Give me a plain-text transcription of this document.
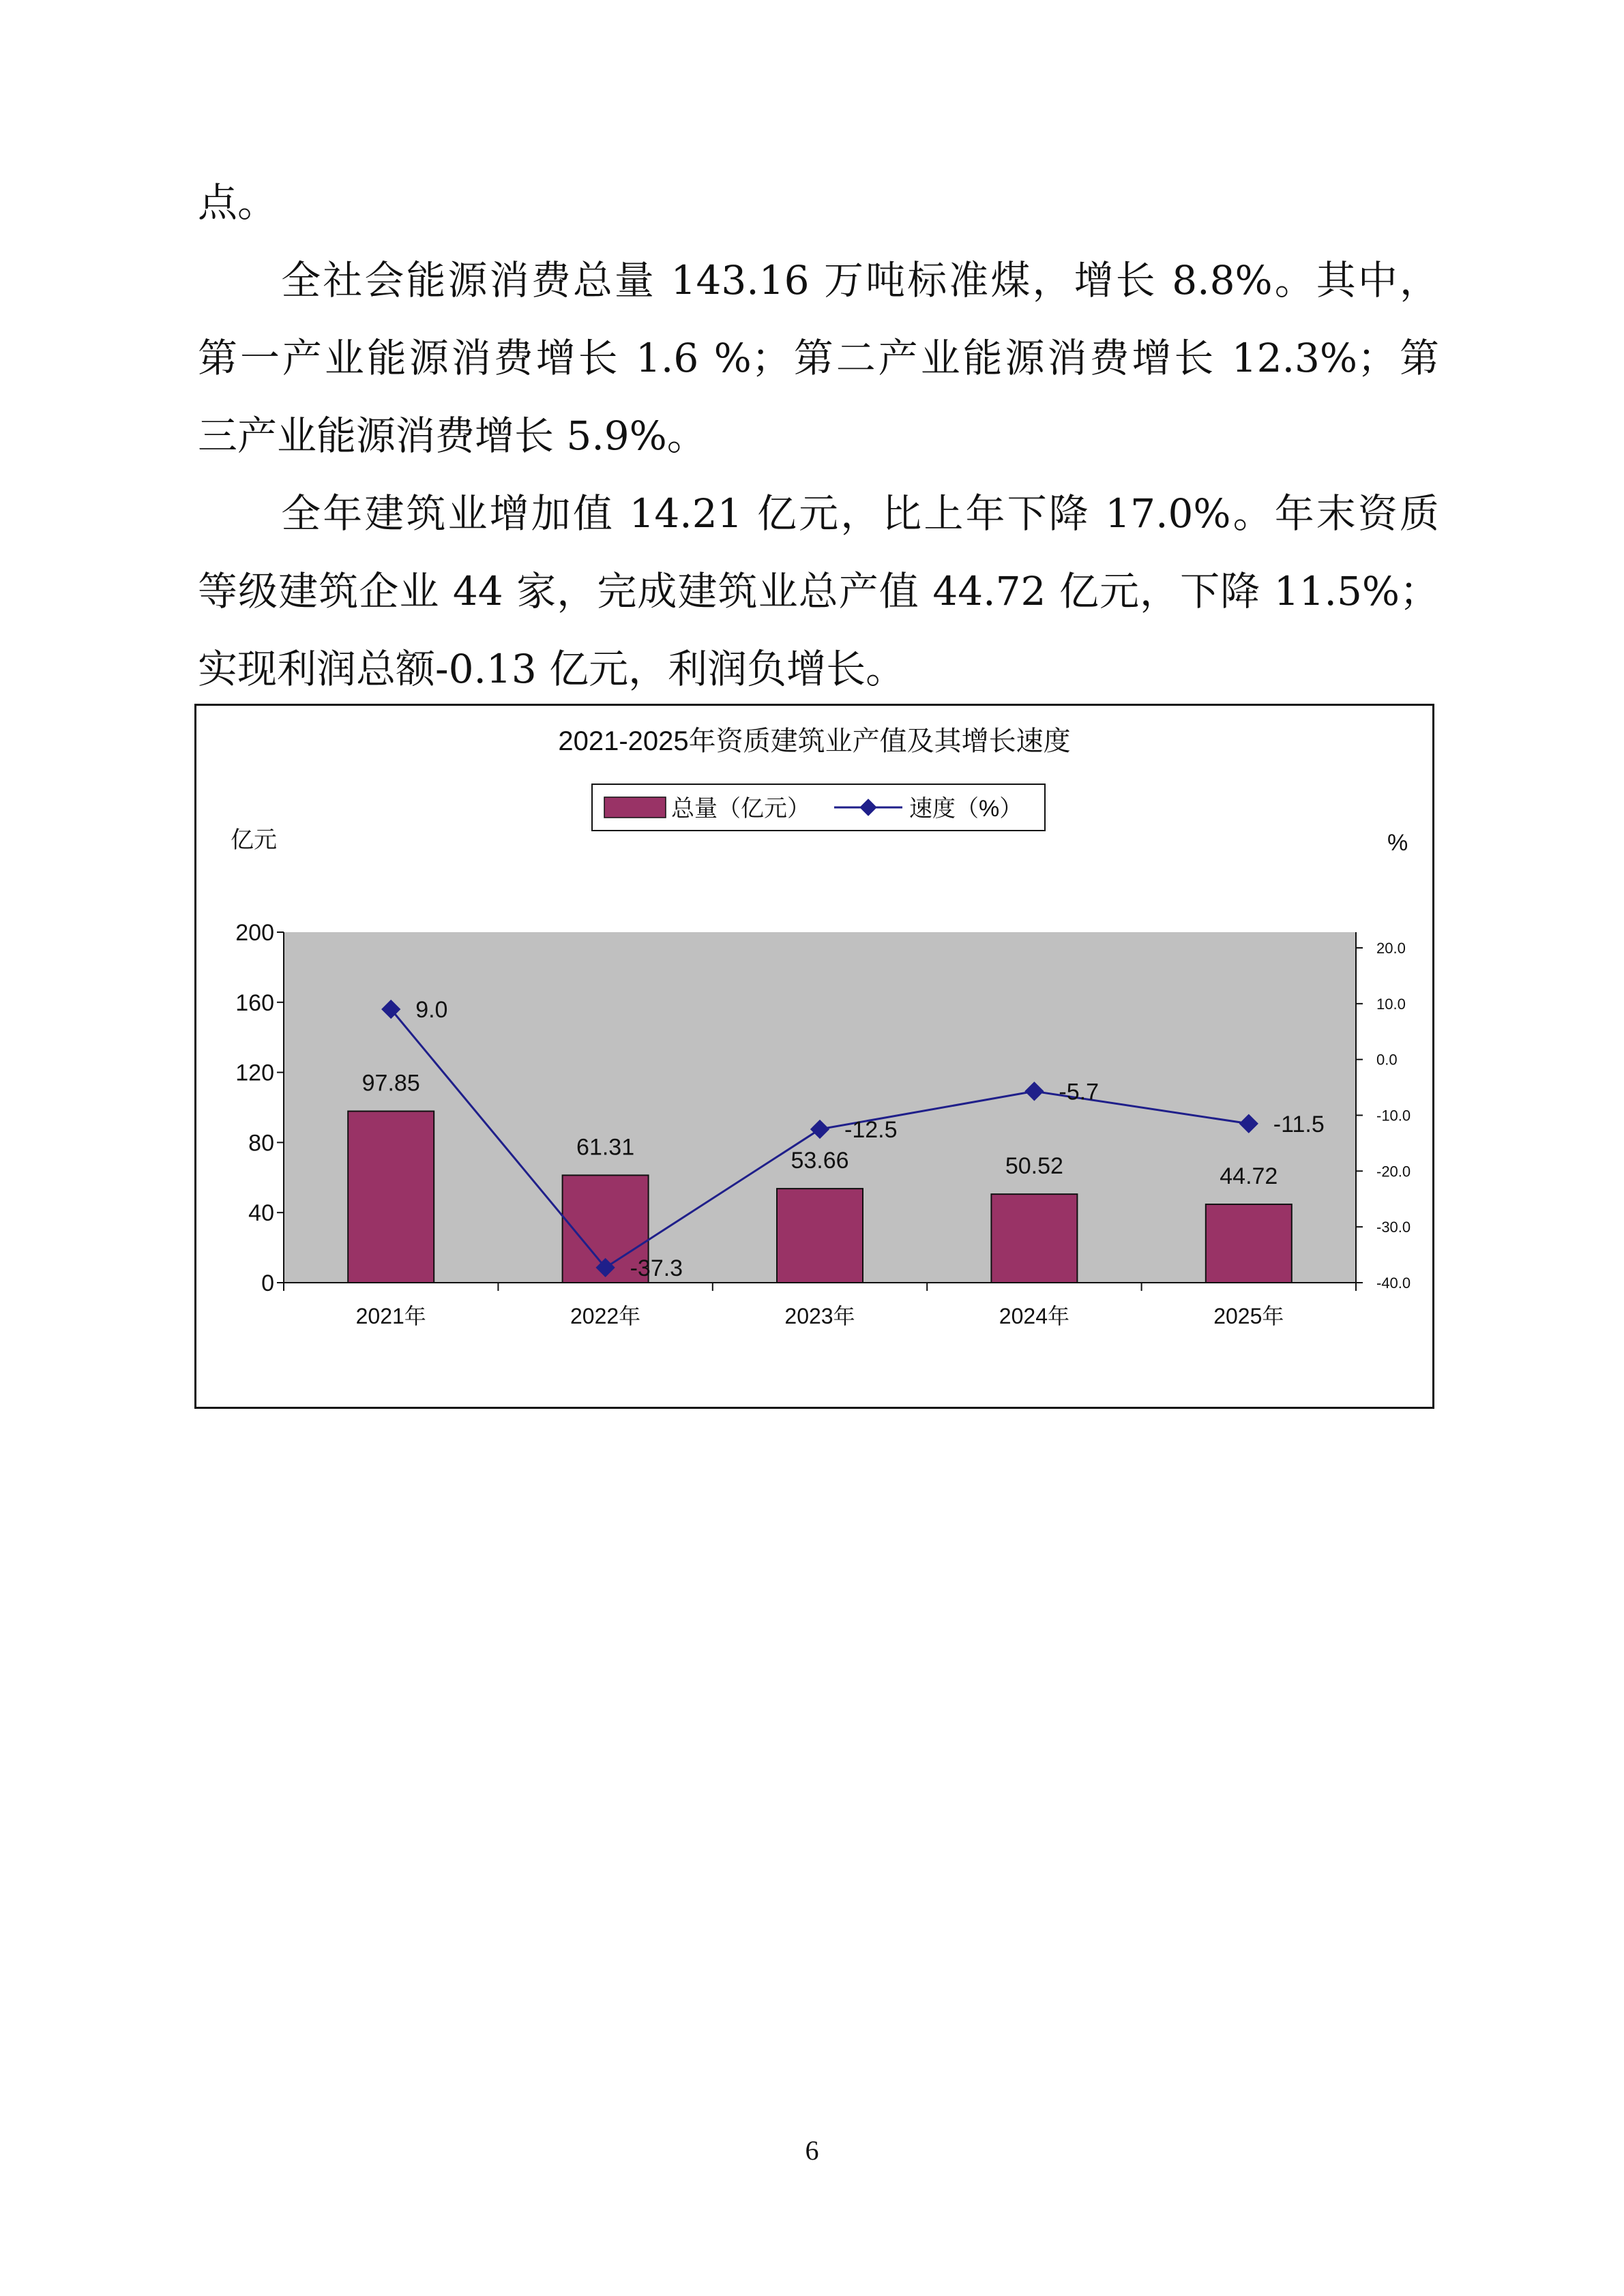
点。
　　全社会能源消费总量 143.16 万吨标准煤，增长 8.8%。其中，
第一产业能源消费增长 1.6 %；第二产业能源消费增长 12.3%；第
三产业能源消费增长 5.9%。
　　全年建筑业增加值 14.21 亿元，比上年下降 17.0%。年末资质
等级建筑企业 44 家，完成建筑业总产值 44.72 亿元，下降 11.5%；
实现利润总额-0.13 亿元，利润负增长。
2021-2025年资质建筑业产值及其增长速度
总量（亿元）	速度（%）
亿元	%
0
40
80
120
160
200
-40.0
-30.0
-20.0
-10.0
0.0
10.0
20.0
2021年	2022年	2023年	2024年	2025年
97.85
61.31
53.66	50.52	44.72
9.0
-37.3
-12.5
-5.7
-11.5
6
